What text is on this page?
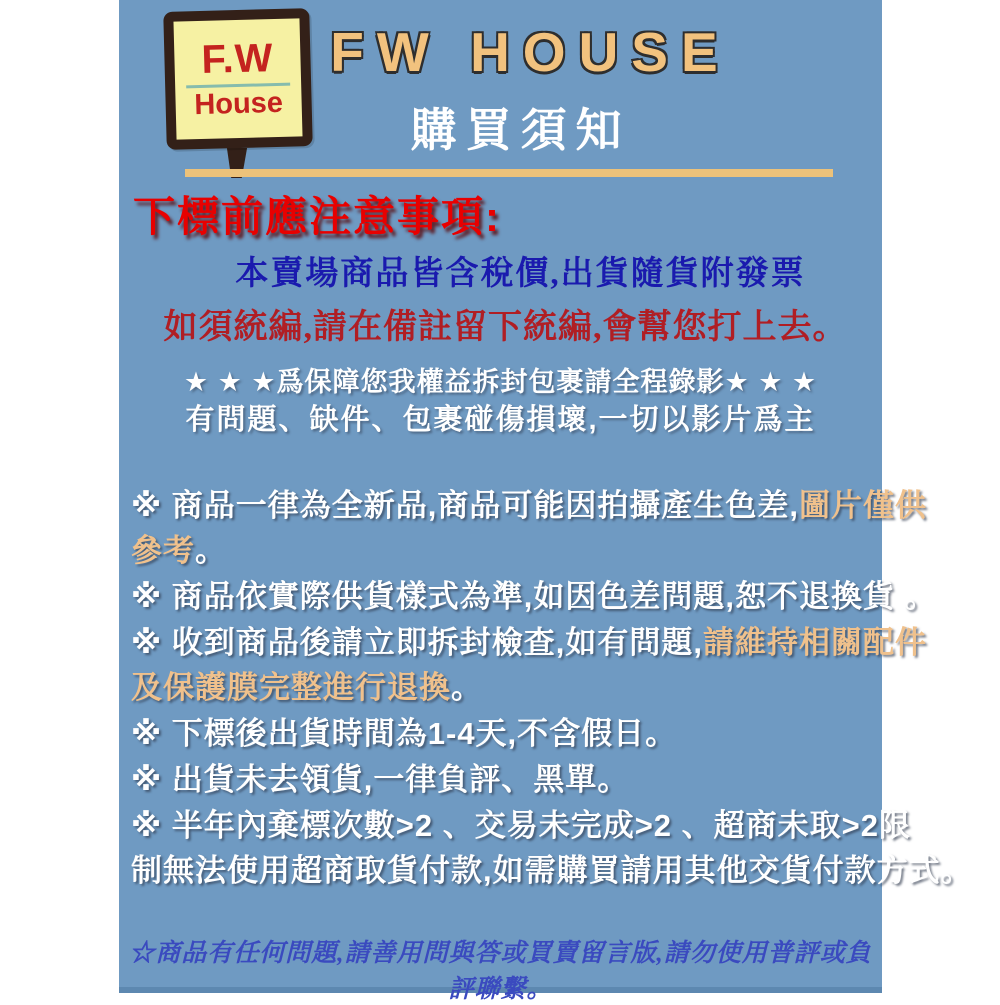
F.W
House
FW HOUSE
購買須知
下標前應注意事項:
本賣場商品皆含稅價,出貨隨貨附發票
如須統編,請在備註留下統編,會幫您打上去。
★ ★ ★爲保障您我權益拆封包裹請全程錄影★ ★ ★
有問題、缺件、包裹碰傷損壞,一切以影片爲主
※ 商品一律為全新品,商品可能因拍攝產生色差,圖片僅供
參考。
※ 商品依實際供貨樣式為準,如因色差問題,恕不退換貨 。
※ 收到商品後請立即拆封檢查,如有問題,請維持相關配件
及保護膜完整進行退換。
※ 下標後出貨時間為1-4天,不含假日。
※ 出貨未去領貨,一律負評、黑單。
※ 半年內棄標次數>2 、交易未完成>2 、超商未取>2限
制無法使用超商取貨付款,如需購買請用其他交貨付款方式。
☆商品有任何問題,請善用問與答或買賣留言版,請勿使用普評或負評聯繫。
